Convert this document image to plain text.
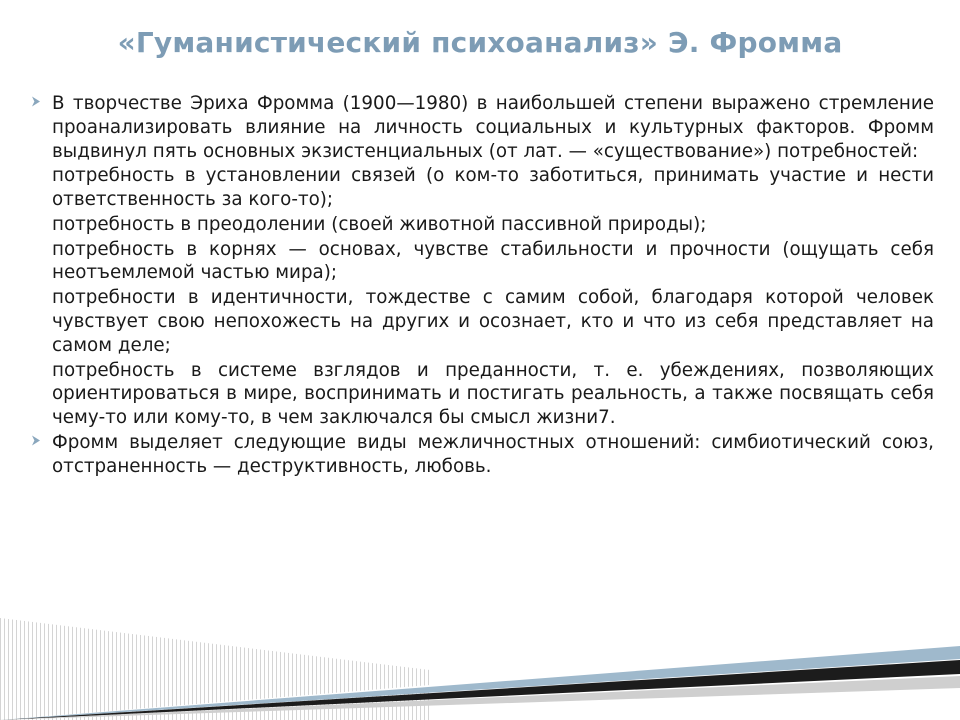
«Гуманистический психоанализ» Э. Фромма

В творчестве Эриха Фромма (1900—1980) в наибольшей степени выражено стремление проанализировать влияние на личность социальных и культурных факторов. Фромм выдвинул пять основных экзистенциальных (от лат. — «существование») потребностей:

потребность в установлении связей (о ком‑то заботиться, принимать участие и нести ответственность за кого‑то);

потребность в преодолении (своей животной пассивной природы);

потребность в корнях — основах, чувстве стабильности и прочности (ощущать себя неотъемлемой частью мира);

потребности в идентичности, тождестве с самим собой, благодаря которой человек чувствует свою непохожесть на других и осознает, кто и что из себя представляет на самом деле;

потребность в системе взглядов и преданности, т. е. убеждениях, позволяющих ориентироваться в мире, воспринимать и постигать реальность, а также посвящать себя чему‑то или кому‑то, в чем заключался бы смысл жизни7.

Фромм выделяет следующие виды межличностных отношений: симбиотический союз, отстраненность — деструктивность, любовь.
